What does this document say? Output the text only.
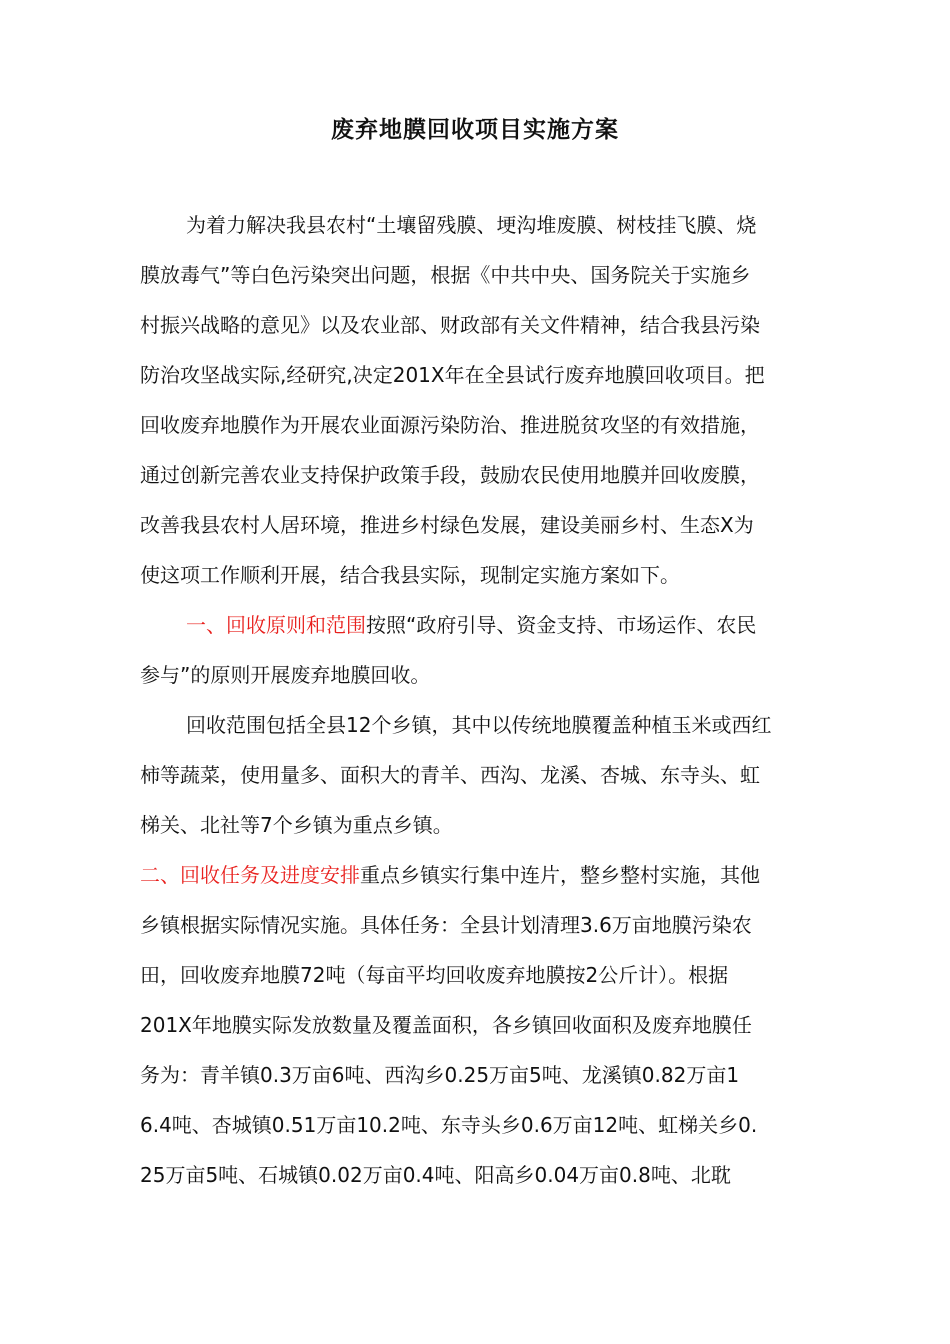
废弃地膜回收项目实施方案
为着力解决我县农村“土壤留残膜、埂沟堆废膜、树枝挂飞膜、烧
膜放毒气”等白色污染突出问题，根据《中共中央、国务院关于实施乡
村振兴战略的意见》以及农业部、财政部有关文件精神，结合我县污染
防治攻坚战实际,经研究,决定201X年在全县试行废弃地膜回收项目。把
回收废弃地膜作为开展农业面源污染防治、推进脱贫攻坚的有效措施，
通过创新完善农业支持保护政策手段，鼓励农民使用地膜并回收废膜，
改善我县农村人居环境，推进乡村绿色发展，建设美丽乡村、生态X为
使这项工作顺利开展，结合我县实际，现制定实施方案如下。
一、回收原则和范围按照“政府引导、资金支持、市场运作、农民
参与”的原则开展废弃地膜回收。
回收范围包括全县12个乡镇，其中以传统地膜覆盖种植玉米或西红
柿等蔬菜，使用量多、面积大的青羊、西沟、龙溪、杏城、东寺头、虹
梯关、北社等7个乡镇为重点乡镇。
二、回收任务及进度安排重点乡镇实行集中连片，整乡整村实施，其他
乡镇根据实际情况实施。具体任务：全县计划清理3.6万亩地膜污染农
田，回收废弃地膜72吨（每亩平均回收废弃地膜按2公斤计）。根据
201X年地膜实际发放数量及覆盖面积，各乡镇回收面积及废弃地膜任
务为：青羊镇0.3万亩6吨、西沟乡0.25万亩5吨、龙溪镇0.82万亩1
6.4吨、杏城镇0.51万亩10.2吨、东寺头乡0.6万亩12吨、虹梯关乡0.
25万亩5吨、石城镇0.02万亩0.4吨、阳高乡0.04万亩0.8吨、北耽
